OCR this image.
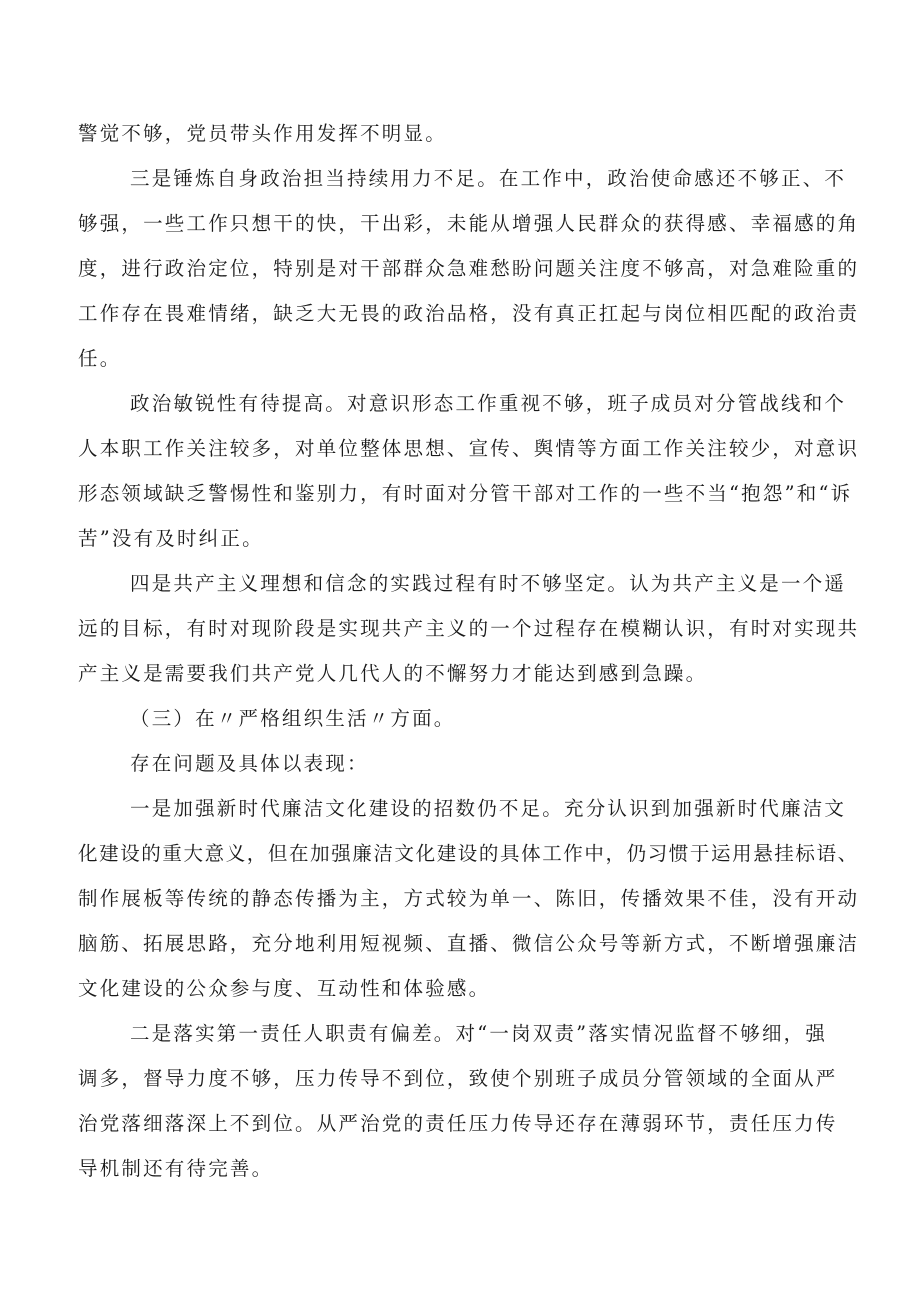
警觉不够，党员带头作用发挥不明显。
三是锤炼自身政治担当持续用力不足。在工作中，政治使命感还不够正、不
够强，一些工作只想干的快，干出彩，未能从增强人民群众的获得感、幸福感的角
度，进行政治定位，特别是对干部群众急难愁盼问题关注度不够高，对急难险重的
工作存在畏难情绪，缺乏大无畏的政治品格，没有真正扛起与岗位相匹配的政治责
任。
政治敏锐性有待提高。对意识形态工作重视不够，班子成员对分管战线和个
人本职工作关注较多，对单位整体思想、宣传、舆情等方面工作关注较少，对意识
形态领域缺乏警惕性和鉴别力，有时面对分管干部对工作的一些不当“抱怨”和“诉
苦”没有及时纠正。
四是共产主义理想和信念的实践过程有时不够坚定。认为共产主义是一个遥
远的目标，有时对现阶段是实现共产主义的一个过程存在模糊认识，有时对实现共
产主义是需要我们共产党人几代人的不懈努力才能达到感到急躁。
（三）在〃严格组织生活〃方面。
存在问题及具体以表现：
一是加强新时代廉洁文化建设的招数仍不足。充分认识到加强新时代廉洁文
化建设的重大意义，但在加强廉洁文化建设的具体工作中，仍习惯于运用悬挂标语、
制作展板等传统的静态传播为主，方式较为单一、陈旧，传播效果不佳，没有开动
脑筋、拓展思路，充分地利用短视频、直播、微信公众号等新方式，不断增强廉洁
文化建设的公众参与度、互动性和体验感。
二是落实第一责任人职责有偏差。对“一岗双责”落实情况监督不够细，强
调多，督导力度不够，压力传导不到位，致使个别班子成员分管领域的全面从严
治党落细落深上不到位。从严治党的责任压力传导还存在薄弱环节，责任压力传
导机制还有待完善。
